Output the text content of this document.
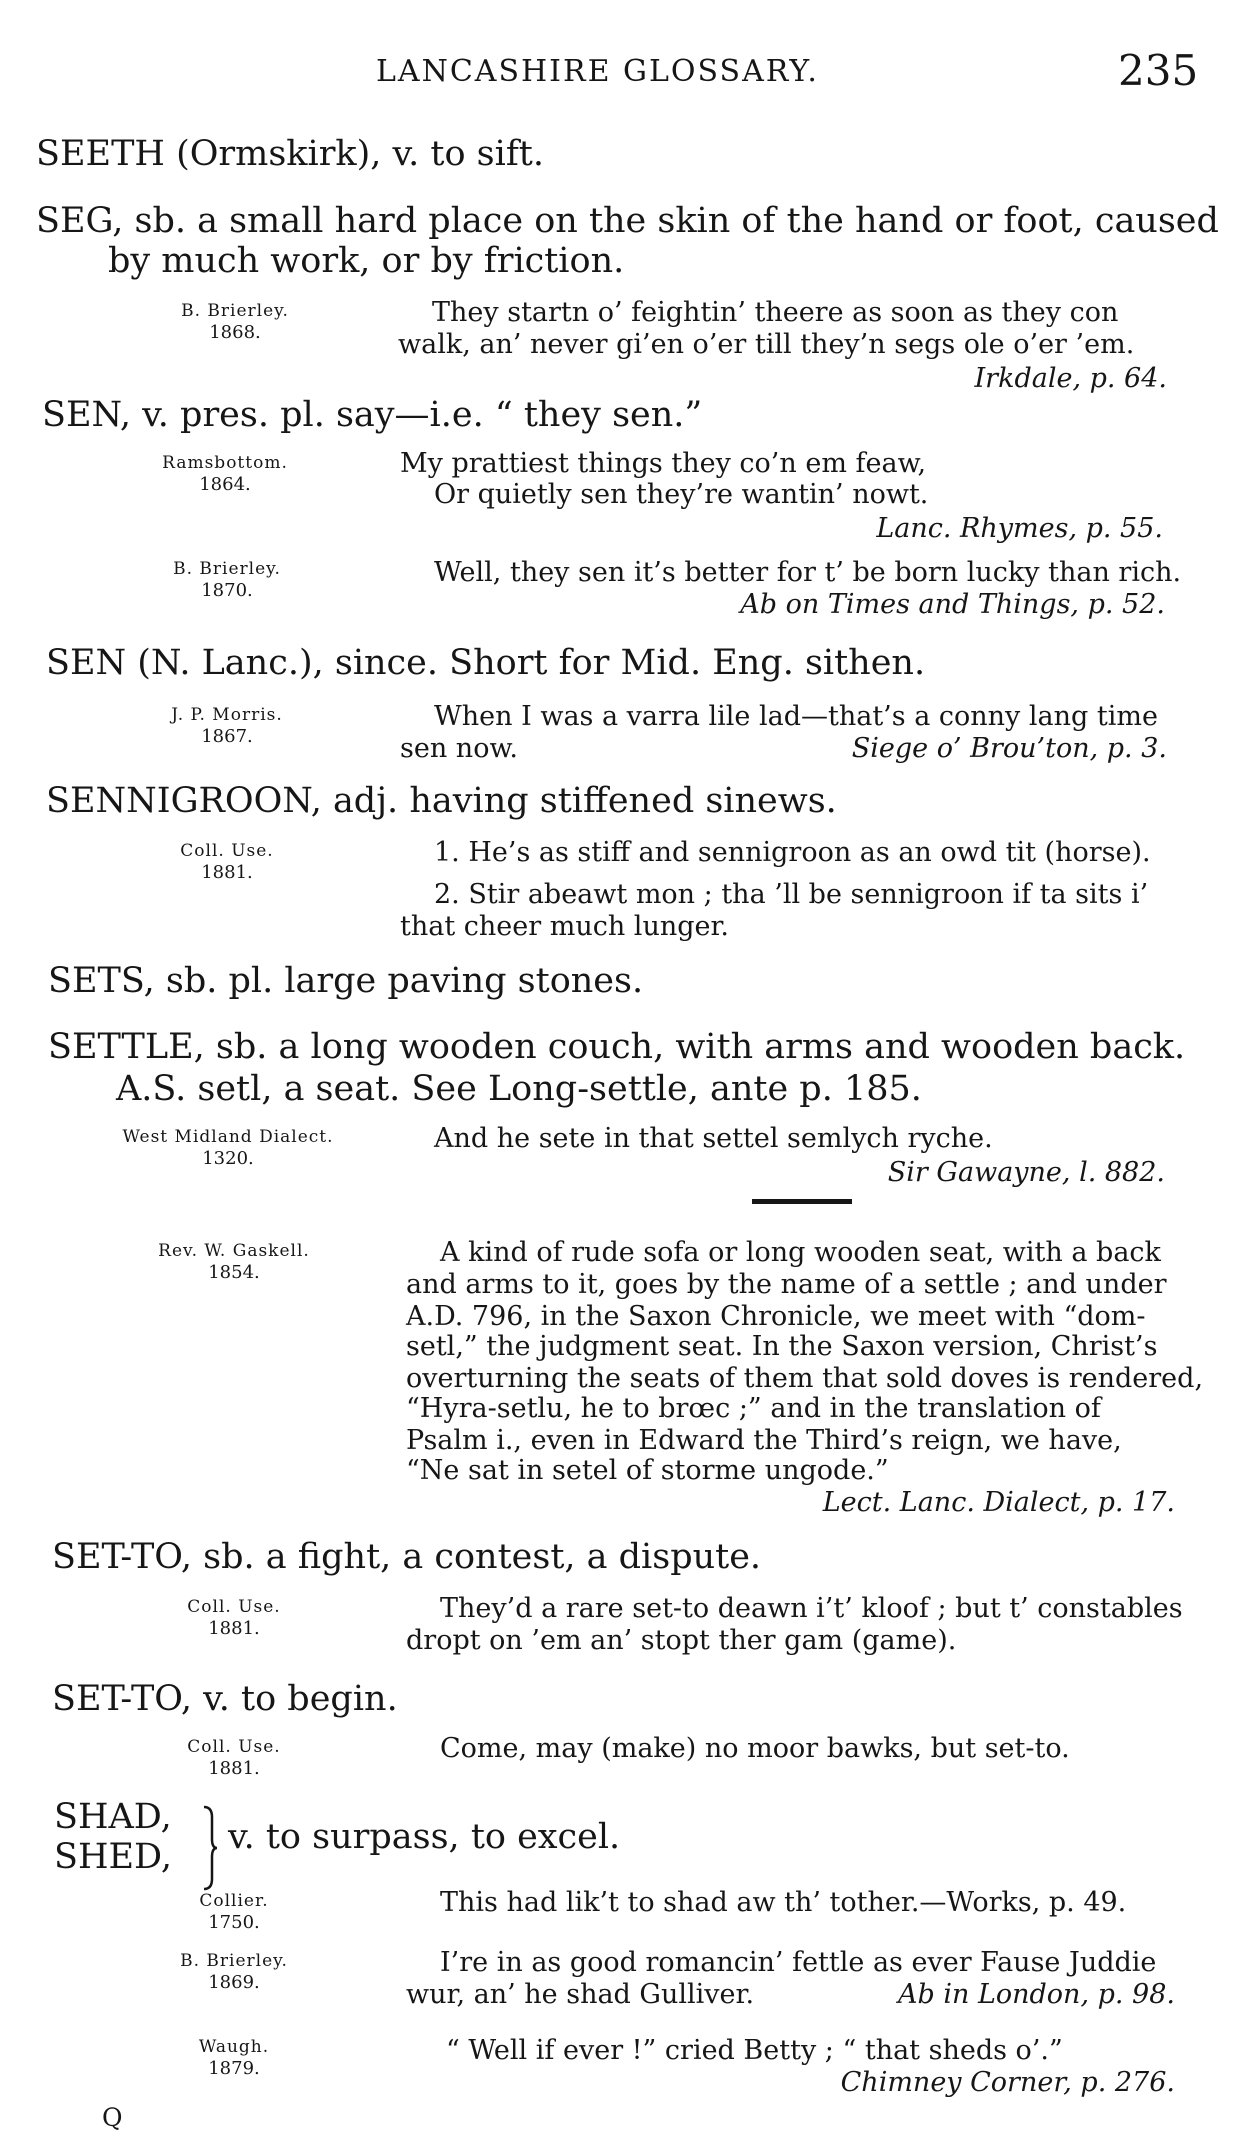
LANCASHIRE GLOSSARY.	235
SEETH (Ormskirk), v. to sift.
SEG, sb. a small hard place on the skin of the hand or foot, caused
by much work, or by friction.
B. Brierley.
1868.
They startn o’ feightin’ theere as soon as they con
walk, an’ never gi’en o’er till they’n segs ole o’er ’em.
Irkdale, p. 64.
SEN, v. pres. pl. say—i.e. “ they sen.”
Ramsbottom.
1864.
My prattiest things they co’n em feaw,
Or quietly sen they’re wantin’ nowt.
Lanc. Rhymes, p. 55.
B. Brierley.
1870.
Well, they sen it’s better for t’ be born lucky than rich.
Ab on Times and Things, p. 52.
SEN (N. Lanc.), since. Short for Mid. Eng. sithen.
J. P. Morris.
1867.
When I was a varra lile lad—that’s a conny lang time
sen now.	Siege o’ Brou’ton, p. 3.
SENNIGROON, adj. having stiffened sinews.
Coll. Use.
1881.
1. He’s as stiff and sennigroon as an owd tit (horse).
2. Stir abeawt mon ; tha ’ll be sennigroon if ta sits i’
that cheer much lunger.
SETS, sb. pl. large paving stones.
SETTLE, sb. a long wooden couch, with arms and wooden back.
A.S. setl, a seat. See Long-settle, ante p. 185.
West Midland Dialect.
1320.
And he sete in that settel semlych ryche.
Sir Gawayne, l. 882.
Rev. W. Gaskell.
1854.
A kind of rude sofa or long wooden seat, with a back
and arms to it, goes by the name of a settle ; and under
A.D. 796, in the Saxon Chronicle, we meet with “dom-
setl,” the judgment seat. In the Saxon version, Christ’s
overturning the seats of them that sold doves is rendered,
“Hyra-setlu, he to brœc ;” and in the translation of
Psalm i., even in Edward the Third’s reign, we have,
“Ne sat in setel of storme ungode.”
Lect. Lanc. Dialect, p. 17.
SET-TO, sb. a fight, a contest, a dispute.
Coll. Use.
1881.
They’d a rare set-to deawn i’t’ kloof ; but t’ constables
dropt on ’em an’ stopt ther gam (game).
SET-TO, v. to begin.
Coll. Use.
1881.
Come, may (make) no moor bawks, but set-to.
SHAD,
SHED, v. to surpass, to excel.
Collier.
1750.
This had lik’t to shad aw th’ tother.—Works, p. 49.
B. Brierley.
1869.
I’re in as good romancin’ fettle as ever Fause Juddie
wur, an’ he shad Gulliver.	Ab in London, p. 98.
Waugh.
1879.
“ Well if ever !” cried Betty ; “ that sheds o’.”
Chimney Corner, p. 276.
Q
